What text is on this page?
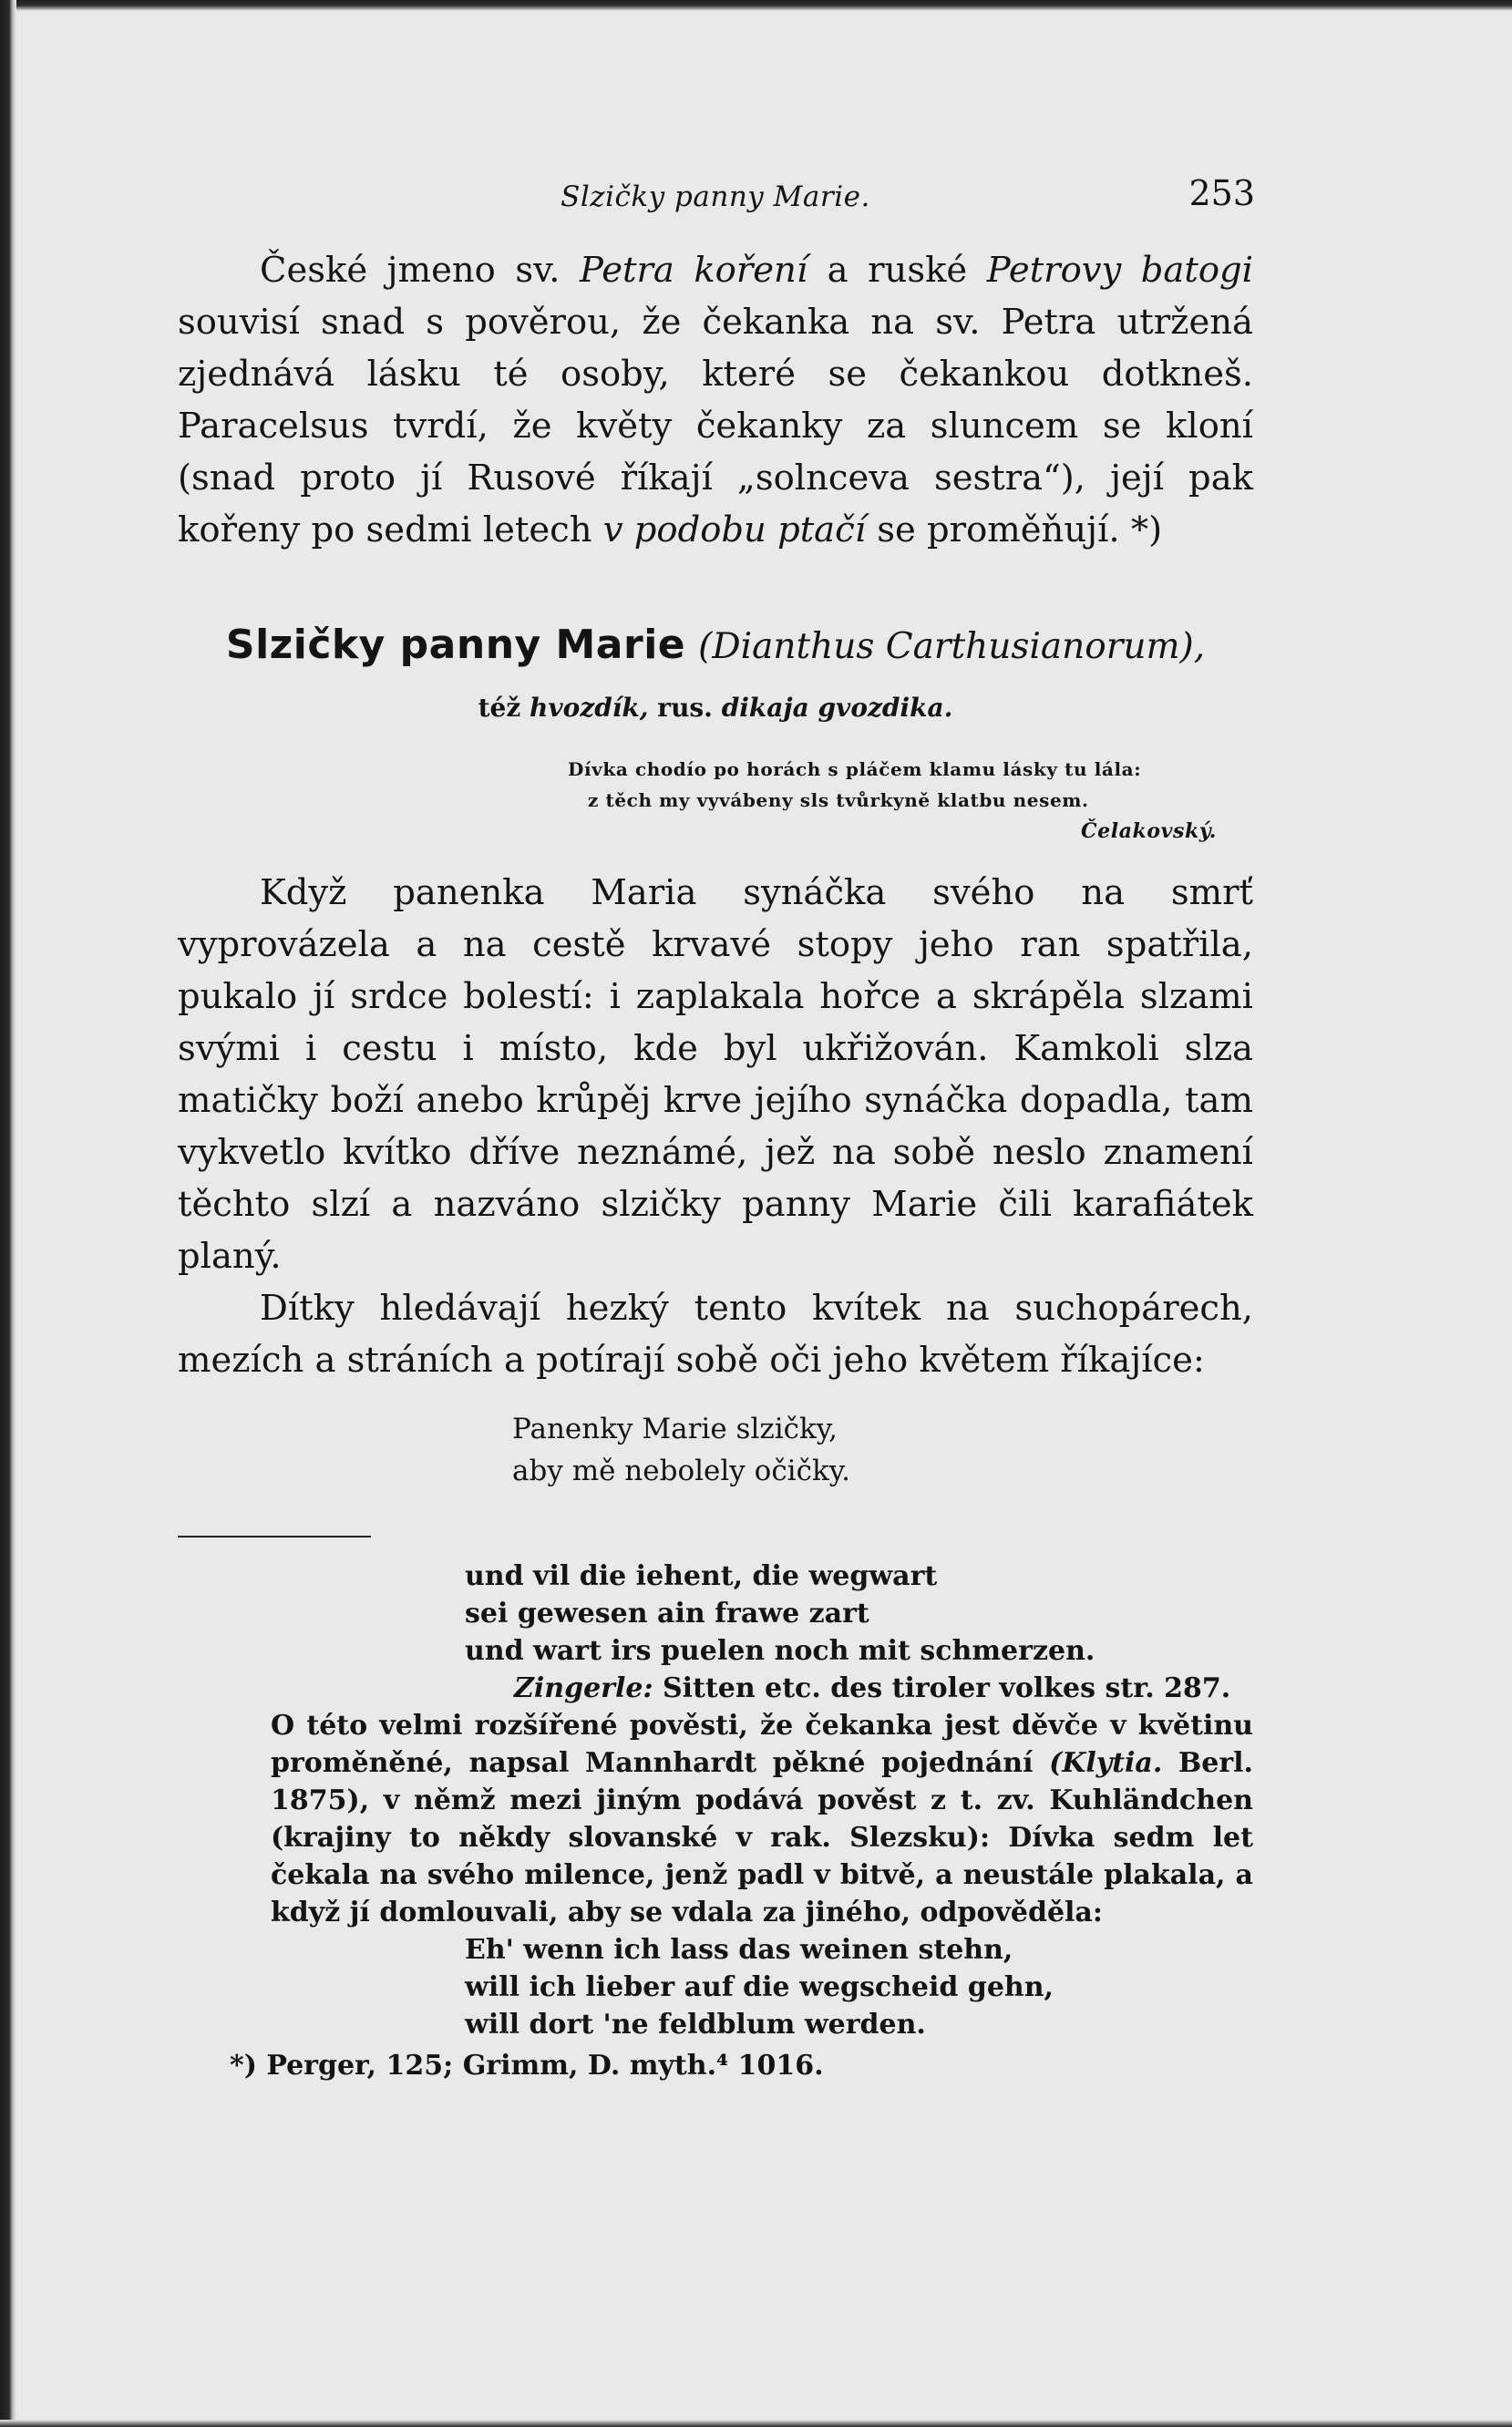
Slzičky panny Marie.	253

České jmeno sv. Petra koření a ruské Petrovy batogi souvisí snad s pověrou, že čekanka na sv. Petra utržená zjednává lásku té osoby, které se čekankou dotkneš. Paracelsus tvrdí, že květy čekanky za sluncem se kloní (snad proto jí Rusové říkají „solnceva sestra“), její pak kořeny po sedmi letech v podobu ptačí se proměňují. *)

Slzičky panny Marie (Dianthus Carthusianorum),
též hvozdík, rus. dikaja gvozdika.
Dívka chodío po horách s pláčem klamu lásky tu lála:
z těch my vyvábeny sls tvůrkyně klatbu nesem.
Čelakovský.

Když panenka Maria synáčka svého na smrť vyprovázela a na cestě krvavé stopy jeho ran spatřila, pukalo jí srdce bolestí: i zaplakala hořce a skrápěla slzami svými i cestu i místo, kde byl ukřižován. Kamkoli slza matičky boží anebo krůpěj krve jejího synáčka dopadla, tam vykvetlo kvítko dříve neznámé, jež na sobě neslo znamení těchto slzí a nazváno slzičky panny Marie čili karafiátek planý.

Dítky hledávají hezký tento kvítek na suchopárech, mezích a stráních a potírají sobě oči jeho květem říkajíce:

Panenky Marie slzičky,
aby mě nebolely očičky.
und vil die iehent, die wegwart
sei gewesen ain frawe zart
und wart irs puelen noch mit schmerzen.
Zingerle: Sitten etc. des tiroler volkes str. 287.
O této velmi rozšířené pověsti, že čekanka jest děvče v květinu proměněné, napsal Mannhardt pěkné pojednání (Klytia. Berl. 1875), v němž mezi jiným podává pověst z t. zv. Kuhländchen (krajiny to někdy slovanské v rak. Slezsku): Dívka sedm let čekala na svého milence, jenž padl v bitvě, a neustále plakala, a když jí domlouvali, aby se vdala za jiného, odpověděla:
Eh' wenn ich lass das weinen stehn,
will ich lieber auf die wegscheid gehn,
will dort 'ne feldblum werden.
*) Perger, 125; Grimm, D. myth.⁴ 1016.
